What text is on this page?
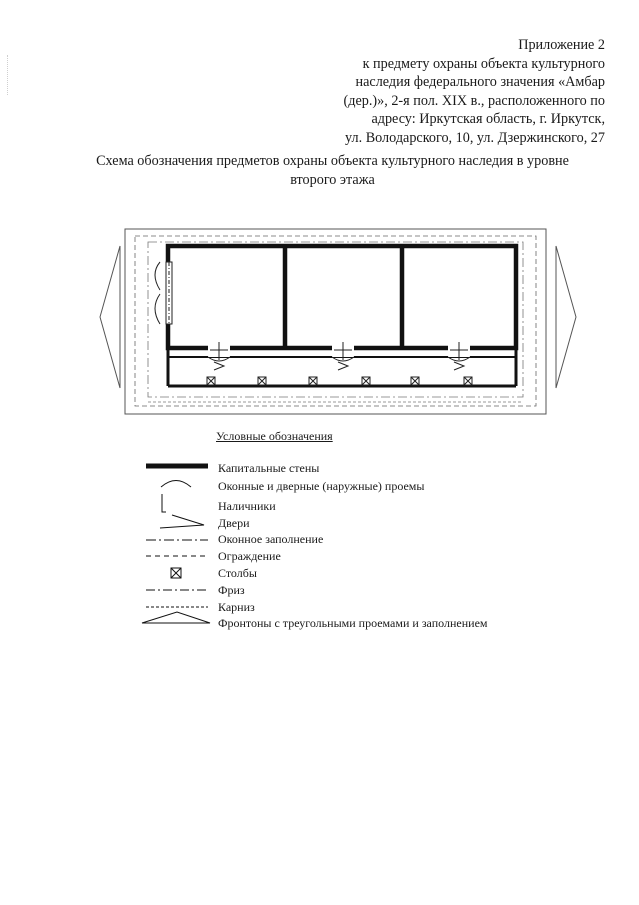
Приложение 2
к предмету охраны объекта культурного
наследия федерального значения «Амбар
(дер.)», 2-я пол. XIX в., расположенного по
адресу: Иркутская область, г. Иркутск,
ул. Володарского, 10, ул. Дзержинского, 27
Схема обозначения предметов охраны объекта культурного наследия в уровне
второго этажа
Условные обозначения
Капитальные стены
Оконные и дверные (наружные) проемы
Наличники
Двери
Оконное заполнение
Ограждение
Столбы
Фриз
Карниз
Фронтоны с треугольными проемами и заполнением
